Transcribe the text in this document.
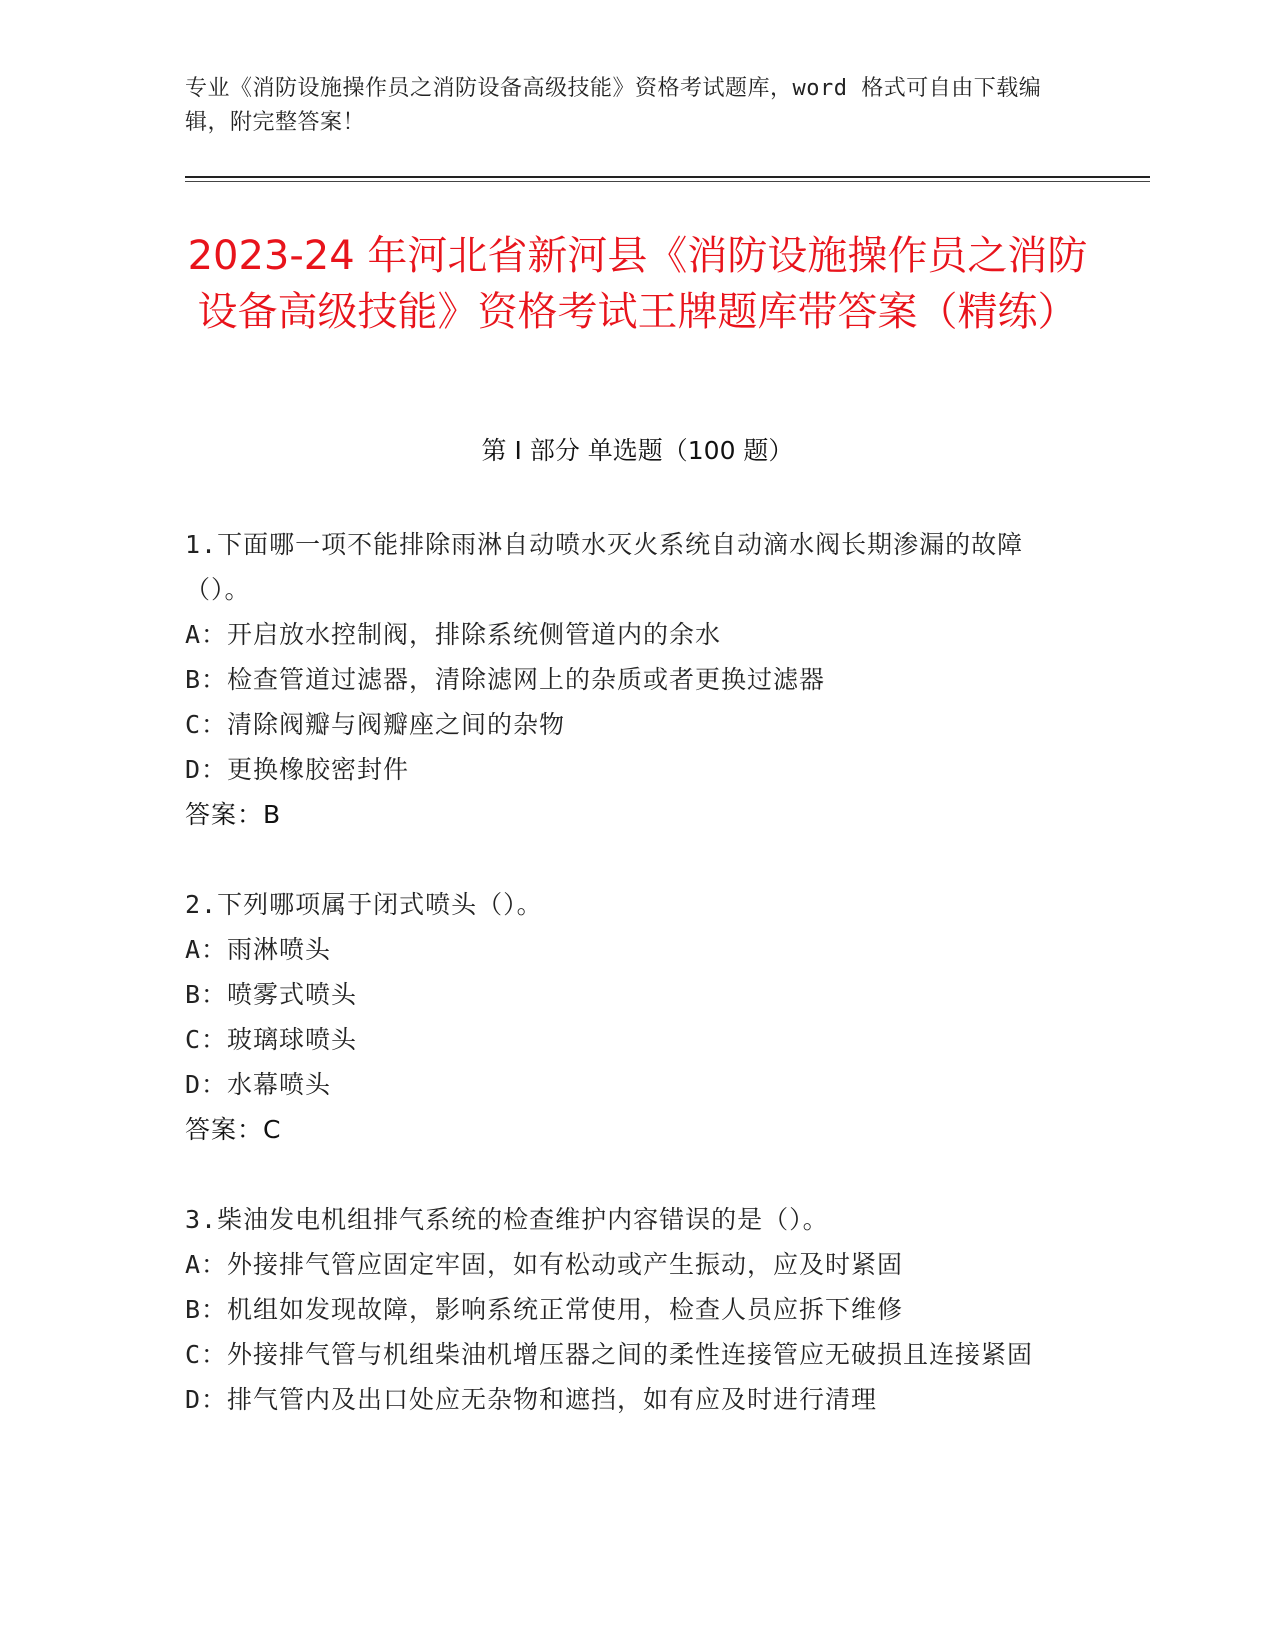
专业《消防设施操作员之消防设备高级技能》资格考试题库，word 格式可自由下载编辑，附完整答案！
2023-24 年河北省新河县《消防设施操作员之消防设备高级技能》资格考试王牌题库带答案（精练）
第 I 部分 单选题（100 题）

1.下面哪一项不能排除雨淋自动喷水灭火系统自动滴水阀长期渗漏的故障（）。

A：开启放水控制阀，排除系统侧管道内的余水

B：检查管道过滤器，清除滤网上的杂质或者更换过滤器

C：清除阀瓣与阀瓣座之间的杂物

D：更换橡胶密封件

答案：B

2.下列哪项属于闭式喷头（）。

A：雨淋喷头

B：喷雾式喷头

C：玻璃球喷头

D：水幕喷头

答案：C

3.柴油发电机组排气系统的检查维护内容错误的是（）。

A：外接排气管应固定牢固，如有松动或产生振动，应及时紧固

B：机组如发现故障，影响系统正常使用，检查人员应拆下维修

C：外接排气管与机组柴油机增压器之间的柔性连接管应无破损且连接紧固

D：排气管内及出口处应无杂物和遮挡，如有应及时进行清理
